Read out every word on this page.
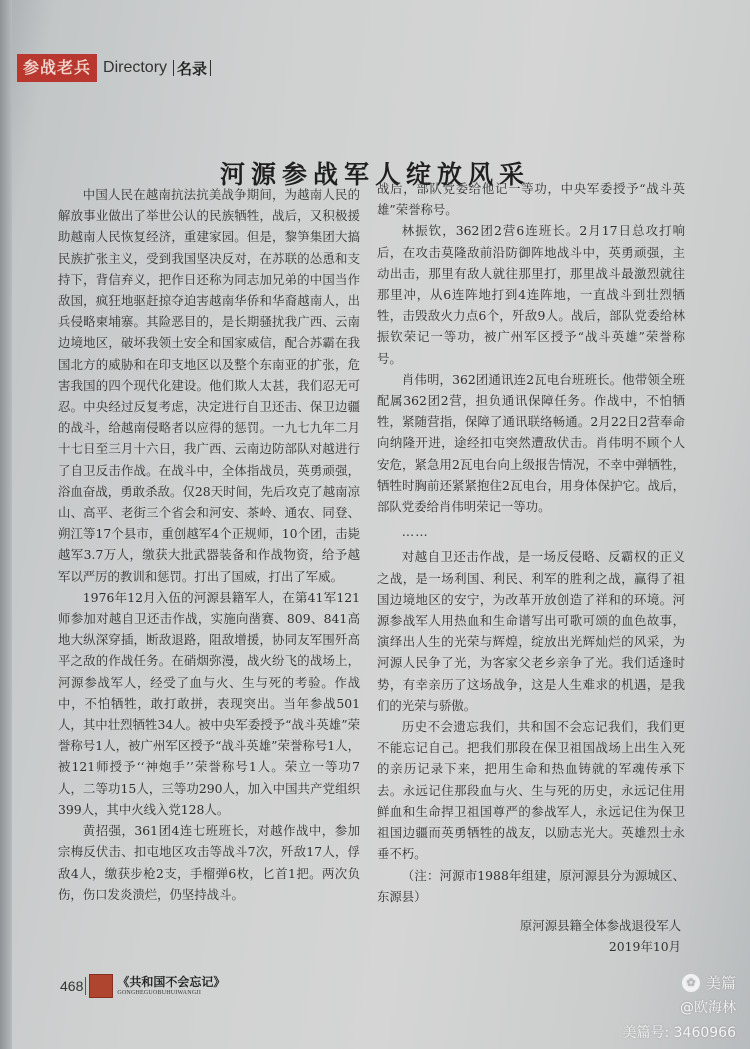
参战老兵 Directory 名录
河源参战军人绽放风采

中国人民在越南抗法抗美战争期间，为越南人民的解放事业做出了举世公认的民族牺牲，战后，又积极援助越南人民恢复经济，重建家园。但是，黎笋集团大搞民族扩张主义，受到我国坚决反对，在苏联的怂恿和支持下，背信弃义，把作日还称为同志加兄弟的中国当作敌国，疯狂地驱赶掠夺迫害越南华侨和华裔越南人，出兵侵略柬埔寨。其险恶目的，是长期骚扰我广西、云南边境地区，破坏我领土安全和国家威信，配合苏霸在我国北方的威胁和在印支地区以及整个东南亚的扩张，危害我国的四个现代化建设。他们欺人太甚，我们忍无可忍。中央经过反复考虑，决定进行自卫还击、保卫边疆的战斗，给越南侵略者以应得的惩罚。一九七九年二月十七日至三月十六日，我广西、云南边防部队对越进行了自卫反击作战。在战斗中，全体指战员，英勇顽强，浴血奋战，勇敢杀敌。仅28天时间，先后攻克了越南凉山、高平、老街三个省会和河安、茶岭、通农、同登、朔江等17个县市，重创越军4个正规师，10个团，击毙越军3.7万人，缴获大批武器装备和作战物资，给予越军以严厉的教训和惩罚。打出了国威，打出了军威。

1976年12月入伍的河源县籍军人，在第41军121师参加对越自卫还击作战，实施向凿赛、809、841高地大纵深穿插，断敌退路，阻敌增援，协同友军围歼高平之敌的作战任务。在硝烟弥漫，战火纷飞的战场上，河源参战军人，经受了血与火、生与死的考验。作战中，不怕牺牲，敢打敢拼，表现突出。当年参战501人，其中壮烈牺牲34人。被中央军委授予“战斗英雄”荣誉称号1人，被广州军区授予“战斗英雄”荣誉称号1人，被121师授予‘‘神炮手’’荣誉称号1人。荣立一等功7人，二等功15人，三等功290人，加入中国共产党组织399人，其中火线入党128人。

黄招强，361团4连七班班长，对越作战中，参加宗梅反伏击、扣屯地区攻击等战斗7次，歼敌17人，俘敌4人，缴获步枪2支，手榴弹6枚，匕首1把。两次负伤，伤口发炎溃烂，仍坚持战斗。

战后，部队党委给他记一等功，中央军委授予“战斗英雄”荣誉称号。

林振钦，362团2营6连班长。2月17日总攻打响后，在攻击莫隆敌前沿防御阵地战斗中，英勇顽强，主动出击，那里有敌人就往那里打，那里战斗最激烈就往那里冲，从6连阵地打到4连阵地，一直战斗到壮烈牺牲，击毁敌火力点6个，歼敌9人。战后，部队党委给林振钦荣记一等功，被广州军区授予“战斗英雄”荣誉称号。

肖伟明，362团通讯连2瓦电台班班长。他带领全班配属362团2营，担负通讯保障任务。作战中，不怕牺牲，紧随营指，保障了通讯联络畅通。2月22日2营奉命向纳隆开进，途经扣屯突然遭敌伏击。肖伟明不顾个人安危，紧急用2瓦电台向上级报告情况，不幸中弹牺牲，牺牲时胸前还紧紧抱住2瓦电台，用身体保护它。战后，部队党委给肖伟明荣记一等功。

……

对越自卫还击作战，是一场反侵略、反霸权的正义之战，是一场利国、利民、利军的胜利之战，赢得了祖国边境地区的安宁，为改革开放创造了祥和的环境。河源参战军人用热血和生命谱写出可歌可颂的血色故事，演绎出人生的光荣与辉煌，绽放出光辉灿烂的风采，为河源人民争了光，为客家父老乡亲争了光。我们适逢时势，有幸亲历了这场战争，这是人生难求的机遇，是我们的光荣与骄傲。

历史不会遗忘我们，共和国不会忘记我们，我们更不能忘记自己。把我们那段在保卫祖国战场上出生入死的亲历记录下来，把用生命和热血铸就的军魂传承下去。永远记住那段血与火、生与死的历史，永远记住用鲜血和生命捍卫祖国尊严的参战军人，永远记住为保卫祖国边疆而英勇牺牲的战友，以励志光大。英雄烈士永垂不朽。

（注：河源市1988年组建，原河源县分为源城区、东源县）

原河源县籍全体参战退役军人

2019年10月

468	《共和国不会忘记》
GONGHEGUOBUHUIWANGJI
✿ 美篇
@欧海林
美篇号: 3460966
